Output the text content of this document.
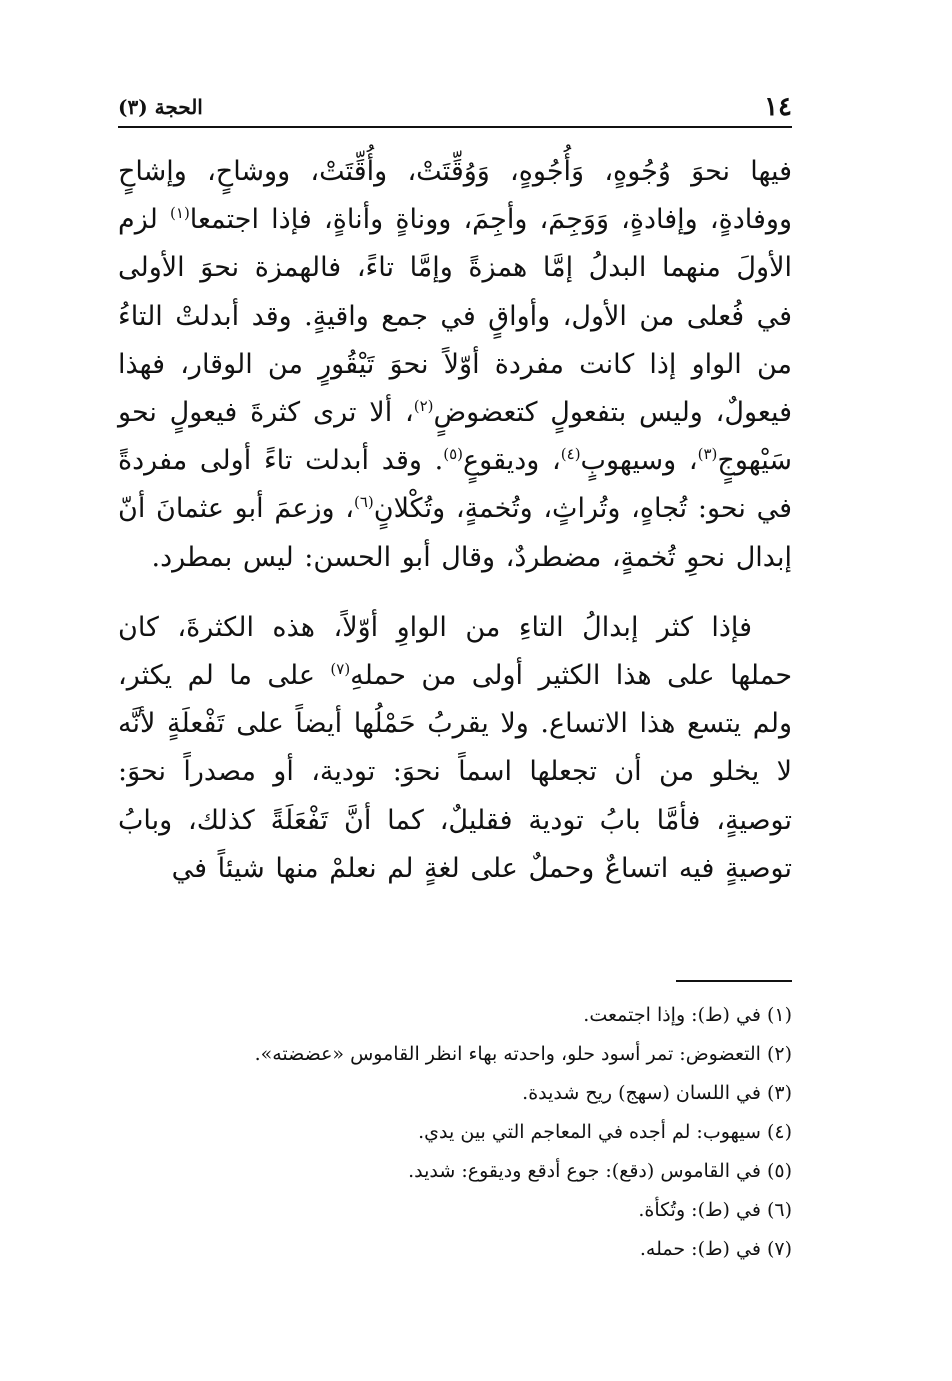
١٤
الحجة (٣)

فيها نحوَ وُجُوهٍ، وَأُجُوهٍ، وَوُقِّتَتْ، وأُقِّتَتْ، ووشاحٍ، وإشاحٍ ووفادةٍ، وإفادةٍ، وَوَجِمَ، وأجِمَ، ووناةٍ وأناةٍ، فإذا اجتمعا$^{(١)}$ لزم الأولَ منهما البدلُ إمَّا همزةً وإمَّا تاءً، فالهمزة نحوَ الأولى في فُعلى من الأول، وأواقٍ في جمع واقيةٍ. وقد أبدلتْ التاءُ من الواو إذا كانت مفردة أوّلاً نحوَ تَيْقُورٍ من الوقار، فهذا فيعولٌ، وليس بتفعولٍ كتعضوضٍ$^{(٢)}$، ألا ترى كثرةَ فيعولٍ نحو سَيْهوجٍ$^{(٣)}$، وسيهوبٍ$^{(٤)}$، وديقوعٍ$^{(٥)}$. وقد أبدلت تاءً أولى مفردةً في نحو: تُجاهٍ، وتُراثٍ، وتُخمةٍ، وتُكْلانٍ$^{(٦)}$، وزعمَ أبو عثمانَ أنّ إبدال نحوِ تُخمةٍ، مضطردٌ، وقال أبو الحسن: ليس بمطرد.

فإذا كثر إبدالُ التاءِ من الواوِ أوّلاً، هذه الكثرةَ، كان حملها على هذا الكثير أولى من حملهِ$^{(٧)}$ على ما لم يكثر، ولم يتسع هذا الاتساع. ولا يقربُ حَمْلُها أيضاً على تَفْعلَةٍ لأنَّه لا يخلو من أن تجعلها اسماً نحوَ: تودية، أو مصدراً نحوَ: توصيةٍ، فأمَّا بابُ تودية فقليلٌ، كما أنَّ تَفْعَلَةً كذلك، وبابُ توصيةٍ فيه اتساعٌ وحملٌ على لغةٍ لم نعلمْ منها شيئاً في

(١)في (ط): وإذا اجتمعت.
(٢)التعضوض: تمر أسود حلو، واحدته بهاء انظر القاموس «عضضته».
(٣)في اللسان (سهج) ريح شديدة.
(٤)سيهوب: لم أجده في المعاجم التي بين يدي.
(٥)في القاموس (دقع): جوع أدقع وديقوع: شديد.
(٦)في (ط): وتُكأة.
(٧)في (ط): حمله.
